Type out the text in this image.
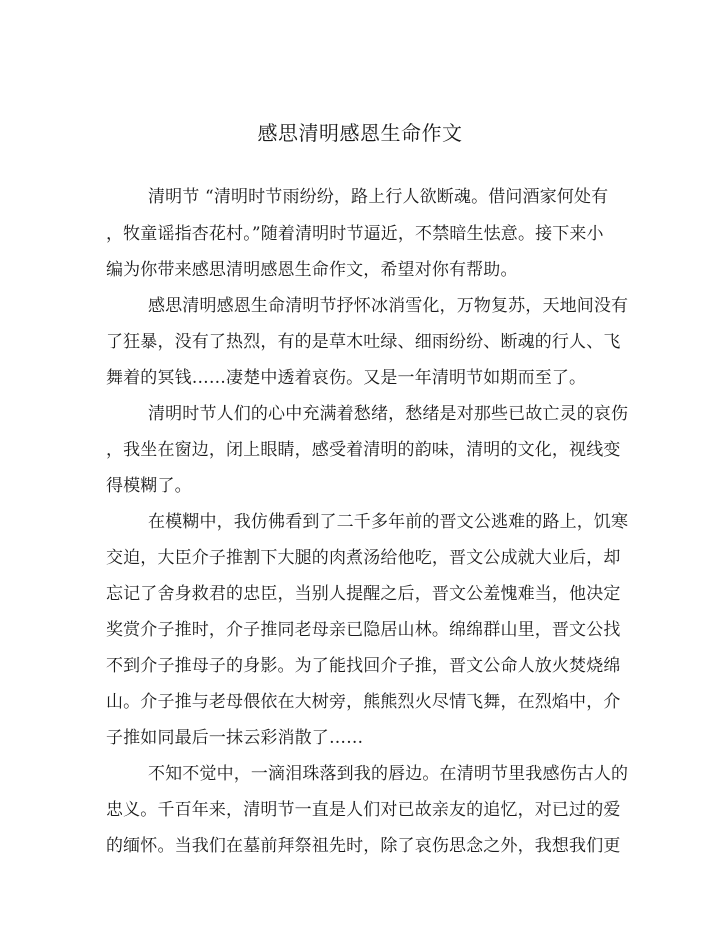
感思清明感恩生命作文
清明节 “清明时节雨纷纷，路上行人欲断魂。借问酒家何处有
，牧童谣指杏花村。”随着清明时节逼近，不禁暗生怯意。接下来小
编为你带来感思清明感恩生命作文，希望对你有帮助。
感思清明感恩生命清明节抒怀冰消雪化，万物复苏，天地间没有
了狂暴，没有了热烈，有的是草木吐绿、细雨纷纷、断魂的行人、飞
舞着的冥钱……凄楚中透着哀伤。又是一年清明节如期而至了。
清明时节人们的心中充满着愁绪，愁绪是对那些已故亡灵的哀伤
，我坐在窗边，闭上眼睛，感受着清明的韵味，清明的文化，视线变
得模糊了。
在模糊中，我仿佛看到了二千多年前的晋文公逃难的路上，饥寒
交迫，大臣介子推割下大腿的肉煮汤给他吃，晋文公成就大业后，却
忘记了舍身救君的忠臣，当别人提醒之后，晋文公羞愧难当，他决定
奖赏介子推时，介子推同老母亲已隐居山林。绵绵群山里，晋文公找
不到介子推母子的身影。为了能找回介子推，晋文公命人放火焚烧绵
山。介子推与老母偎依在大树旁，熊熊烈火尽情飞舞，在烈焰中，介
子推如同最后一抹云彩消散了……
不知不觉中，一滴泪珠落到我的唇边。在清明节里我感伤古人的
忠义。千百年来，清明节一直是人们对已故亲友的追忆，对已过的爱
的缅怀。当我们在墓前拜祭祖先时，除了哀伤思念之外，我想我们更
